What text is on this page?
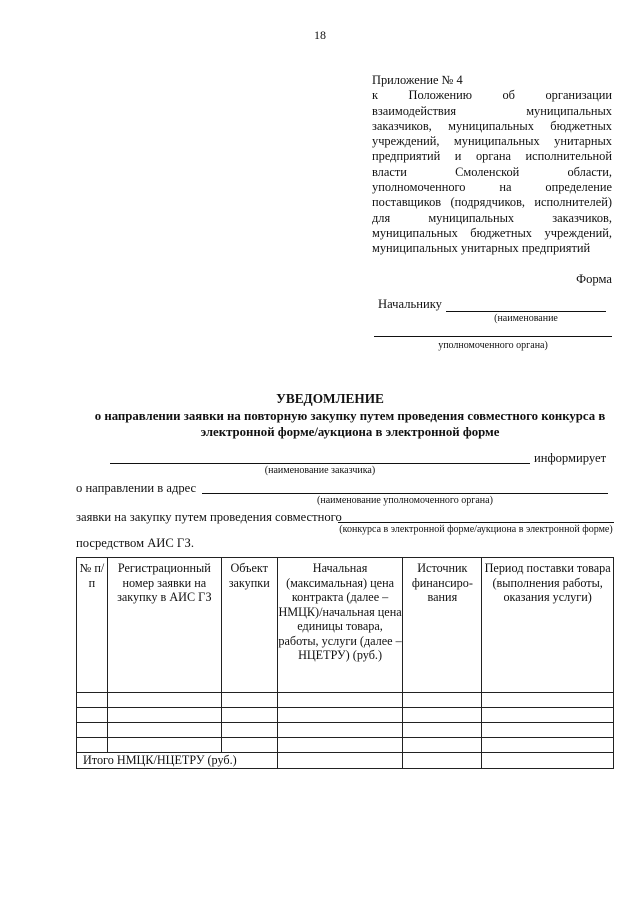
18
Приложение № 4
к Положению об организации
взаимодействия муниципальных
заказчиков, муниципальных бюджетных
учреждений, муниципальных унитарных
предприятий и органа исполнительной
власти Смоленской области,
уполномоченного на определение
поставщиков (подрядчиков, исполнителей)
для муниципальных заказчиков,
муниципальных бюджетных учреждений,
муниципальных унитарных предприятий
Форма
Начальнику
(наименование
уполномоченного органа)
УВЕДОМЛЕНИЕ
о направлении заявки на повторную закупку путем проведения совместного конкурса в
электронной форме/аукциона в электронной форме
информирует
(наименование заказчика)
о направлении в адрес
(наименование уполномоченного органа)
заявки на закупку путем проведения совместного
(конкурса в электронной форме/аукциона в электронной форме)
посредством АИС ГЗ.
№ п/п	Регистрационный номер заявки на закупку в АИС ГЗ	Объект закупки	Начальная (максимальная) цена контракта (далее – НМЦК)/начальная цена единицы товара, работы, услуги (далее – НЦЕТРУ) (руб.)	Источник финансиро-вания	Период поставки товара (выполнения работы, оказания услуги)

Итого НМЦК/НЦЕТРУ (руб.)					
